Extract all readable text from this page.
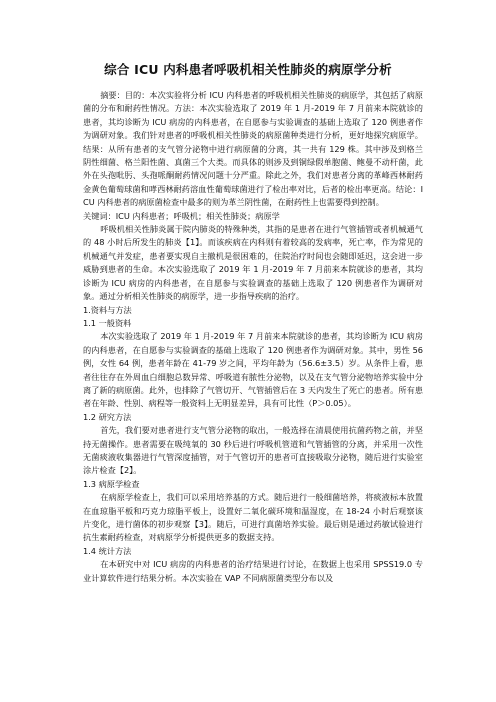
综合 ICU 内科患者呼吸机相关性肺炎的病原学分析

摘要：目的：本次实验将分析 ICU 内科患者的呼吸机相关性肺炎的病原学，其包括了病原菌的分布和耐药性情况。方法：本次实验选取了 2019 年 1 月-2019 年 7 月前来本院就诊的患者，其均诊断为 ICU 病房的内科患者，在自愿参与实验调查的基础上选取了 120 例患者作为调研对象。我们针对患者的呼吸机相关性肺炎的病原菌种类进行分析，更好地探究病原学。结果：从所有患者的支气管分泌物中进行病原菌的分离，其一共有 129 株。其中涉及到格兰阴性细菌、格兰阳性菌、真菌三个大类。而具体的则涉及到铜绿假单胞菌、鲍曼不动杆菌，此外在头孢吡肟、头孢哌酮耐药情况问题十分严重。除此之外，我们对患者分离的革峰西林耐药金黄色葡萄球菌和哮西林耐药溶血性葡萄球菌进行了检出率对比，后者的检出率更高。结论：ICU 内科患者的病原菌检查中最多的则为革兰阴性菌，在耐药性上也需要得到控制。

关键词：ICU 内科患者；呼吸机；相关性肺炎；病原学

呼吸机相关性肺炎属于院内肺炎的特殊种类，其指的是患者在进行气管插管或者机械通气的 48 小时后所发生的肺炎【1】。而该疾病在内科则有着较高的发病率，死亡率，作为常见的机械通气并发症，患者要实现自主撤机是很困难的，住院治疗时间也会随即延迟，这会进一步威胁到患者的生命。本次实验选取了 2019 年 1 月-2019 年 7 月前来本院就诊的患者，其均诊断为 ICU 病房的内科患者，在自愿参与实验调查的基础上选取了 120 例患者作为调研对象。通过分析相关性肺炎的病原学，进一步指导疾病的治疗。

1.资料与方法

1.1 一般资料

本次实验选取了 2019 年 1 月-2019 年 7 月前来本院就诊的患者，其均诊断为 ICU 病房的内科患者，在自愿参与实验调查的基础上选取了 120 例患者作为调研对象。其中，男性 56 例，女性 64 例，患者年龄在 41-79 岁之间，平均年龄为（56.6±3.5）岁。从条件上看，患者往往存在外周血白细胞总数异常、呼吸道有脓性分泌物，以及在支气管分泌物培养实验中分离了新的病原菌。此外，也排除了气管切开、气管插管后在 3 天内发生了死亡的患者。所有患者在年龄、性别、病程等一般资料上无明显差异，具有可比性（P＞0.05）。

1.2 研究方法

首先，我们要对患者进行支气管分泌物的取出，一般选择在清晨使用抗菌药物之前，并坚持无菌操作。患者需要在吸纯氧的 30 秒后进行呼吸机管道和气管插管的分离，并采用一次性无菌痰液收集器进行气管深度插管，对于气管切开的患者可直接吸取分泌物，随后进行实验室涂片检查【2】。

1.3 病原学检查

在病原学检查上，我们可以采用培养基的方式。随后进行一般细菌培养，将痰液标本放置在血琼脂平板和巧克力琼脂平板上，设置好二氧化碳环境和温湿度，在 18-24 小时后观察该片变化，进行菌体的初步观察【3】。随后，可进行真菌培养实验。最后则是通过药敏试验进行抗生素耐药检查，对病原学分析提供更多的数据支持。

1.4 统计方法

在本研究中对 ICU 病房的内科患者的治疗结果进行讨论，在数据上也采用 SPSS19.0 专业计算软件进行结果分析。本次实验在 VAP 不同病原菌类型分布以及
